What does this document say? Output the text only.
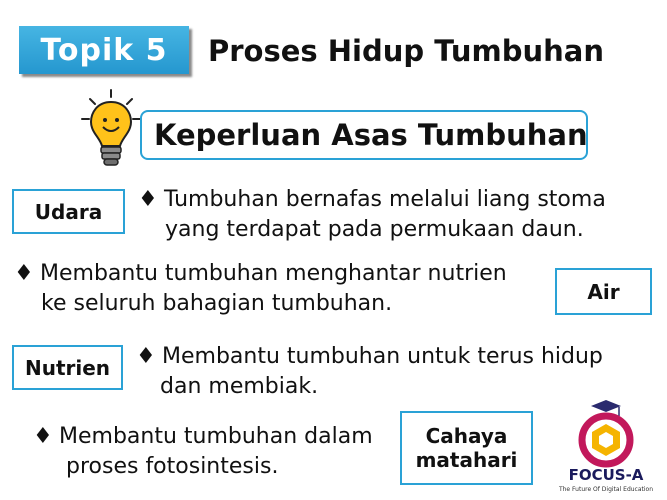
Topik 5	Proses Hidup Tumbuhan
Keperluan Asas Tumbuhan
Udara	♦ Tumbuhan bernafas melalui liang stoma
yang terdapat pada permukaan daun.
♦ Membantu tumbuhan menghantar nutrien
ke seluruh bahagian tumbuhan.	Air
Nutrien	♦ Membantu tumbuhan untuk terus hidup
dan membiak.
♦ Membantu tumbuhan dalam
proses fotosintesis.
Cahaya
matahari
FOCUS-A
The Future Of Digital Education
